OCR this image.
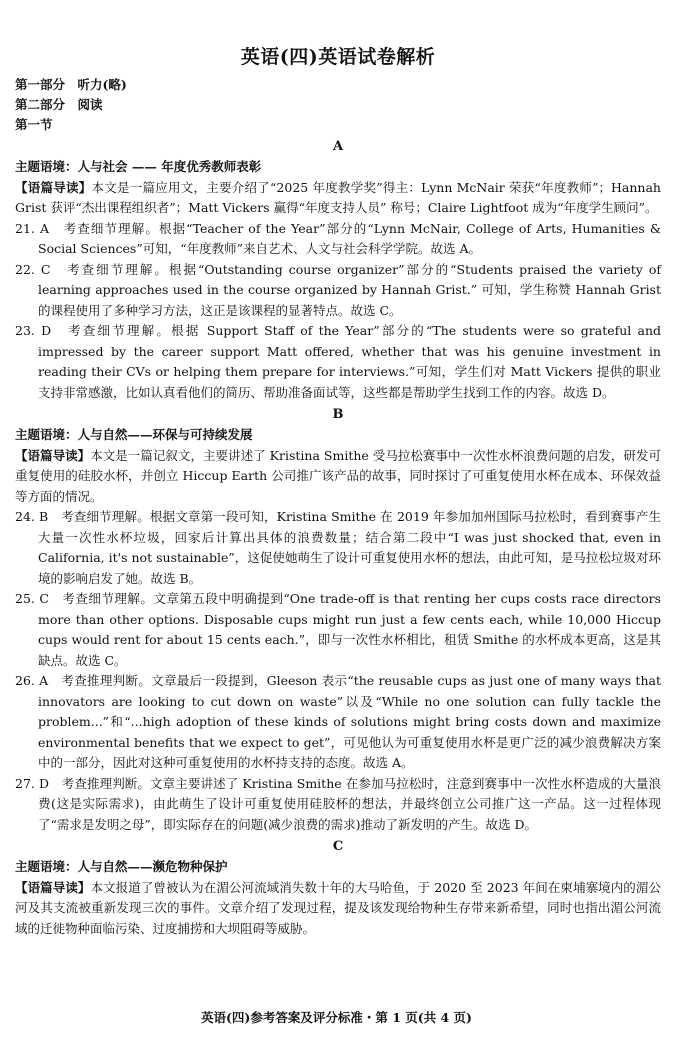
英语(四)英语试卷解析
第一部分　听力(略)
第二部分　阅读
第一节
A

主题语境：人与社会 —— 年度优秀教师表彰

【语篇导读】本文是一篇应用文，主要介绍了“2025 年度教学奖”得主：Lynn McNair 荣获“年度教师”；Hannah Grist 获评“杰出课程组织者”；Matt Vickers 赢得“年度支持人员” 称号；Claire Lightfoot 成为“年度学生顾问”。

21. A　 考查细节理解。根据“Teacher of the Year”部分的“Lynn McNair, College of Arts, Humanities & Social Sciences”可知，“年度教师”来自艺术、人文与社会科学学院。故选 A。

22. C　 考查细节理解。根据“Outstanding course organizer”部分的“Students praised the variety of learning approaches used in the course organized by Hannah Grist.” 可知，学生称赞 Hannah Grist 的课程使用了多种学习方法，这正是该课程的显著特点。故选 C。

23. D　 考查细节理解。根据 Support Staff of the Year”部分的“The students were so grateful and impressed by the career support Matt offered, whether that was his genuine investment in reading their CVs or helping them prepare for interviews.”可知，学生们对 Matt Vickers 提供的职业支持非常感激，比如认真看他们的简历、帮助准备面试等，这些都是帮助学生找到工作的内容。故选 D。

B

主题语境：人与自然——环保与可持续发展

【语篇导读】本文是一篇记叙文，主要讲述了 Kristina Smithe 受马拉松赛事中一次性水杯浪费问题的启发，研发可重复使用的硅胶水杯，并创立 Hiccup Earth 公司推广该产品的故事，同时探讨了可重复使用水杯在成本、环保效益等方面的情况。

24. B　 考查细节理解。根据文章第一段可知，Kristina Smithe 在 2019 年参加加州国际马拉松时，看到赛事产生大量一次性水杯垃圾，回家后计算出具体的浪费数量；结合第二段中“I was just shocked that, even in California, it's not sustainable”，这促使她萌生了设计可重复使用水杯的想法，由此可知，是马拉松垃圾对环境的影响启发了她。故选 B。

25. C　 考查细节理解。文章第五段中明确提到“One trade-off is that renting her cups costs race directors more than other options. Disposable cups might run just a few cents each, while 10,000 Hiccup cups would rent for about 15 cents each.”，即与一次性水杯相比，租赁 Smithe 的水杯成本更高，这是其缺点。故选 C。

26. A　 考查推理判断。文章最后一段提到，Gleeson 表示“the reusable cups as just one of many ways that innovators are looking to cut down on waste”以及“While no one solution can fully tackle the problem...”和“...high adoption of these kinds of solutions might bring costs down and maximize environmental benefits that we expect to get”，可见他认为可重复使用水杯是更广泛的减少浪费解决方案中的一部分，因此对这种可重复使用的水杯持支持的态度。故选 A。

27. D　 考查推理判断。文章主要讲述了 Kristina Smithe 在参加马拉松时，注意到赛事中一次性水杯造成的大量浪费(这是实际需求)，由此萌生了设计可重复使用硅胶杯的想法，并最终创立公司推广这一产品。这一过程体现了“需求是发明之母”，即实际存在的问题(减少浪费的需求)推动了新发明的产生。故选 D。

C

主题语境：人与自然——濒危物种保护

【语篇导读】本文报道了曾被认为在湄公河流域消失数十年的大马哈鱼，于 2020 至 2023 年间在柬埔寨境内的湄公河及其支流被重新发现三次的事件。文章介绍了发现过程，提及该发现给物种生存带来新希望，同时也指出湄公河流域的迁徙物种面临污染、过度捕捞和大坝阻碍等威胁。

英语(四)参考答案及评分标准・第 1 页(共 4 页)
